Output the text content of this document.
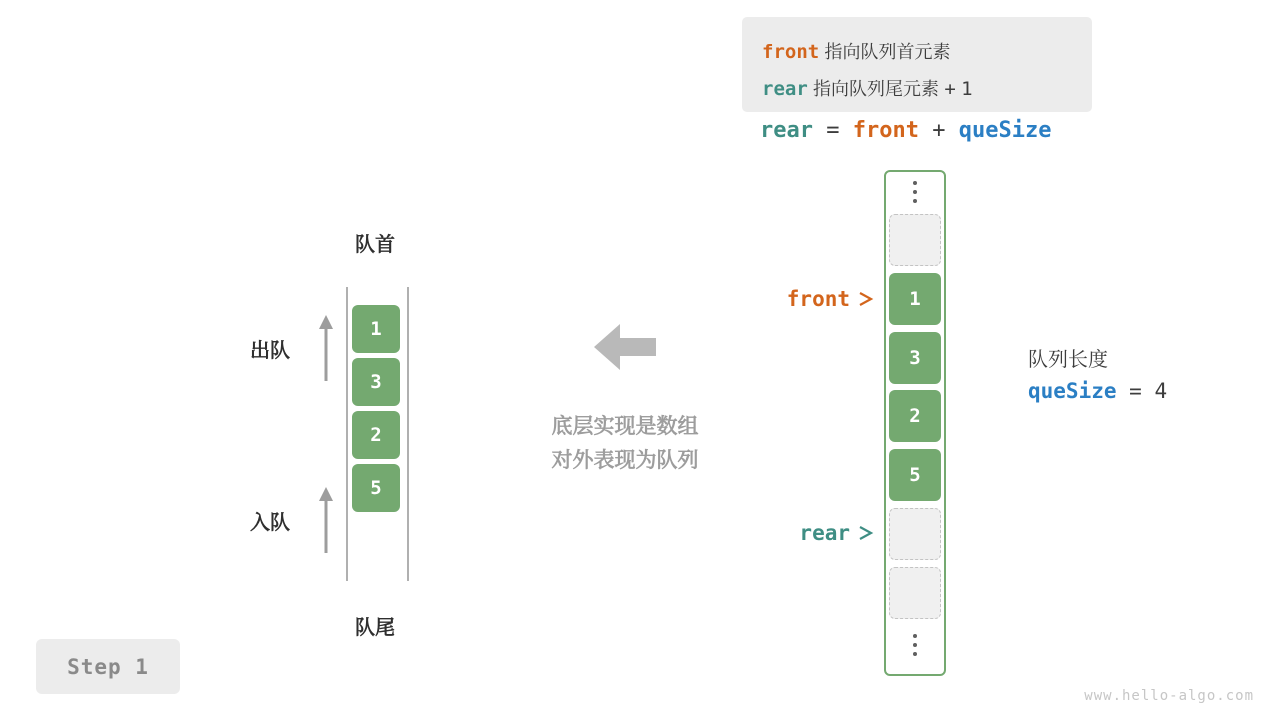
Step 1
队首
队尾
1
3
2
5
出队
入队
底层实现是数组
对外表现为队列
front 指向队列首元素
rear 指向队列尾元素 + 1
rear = front + queSize
1
3
2
5
front
rear
队列长度
queSize = 4
www.hello-algo.com
